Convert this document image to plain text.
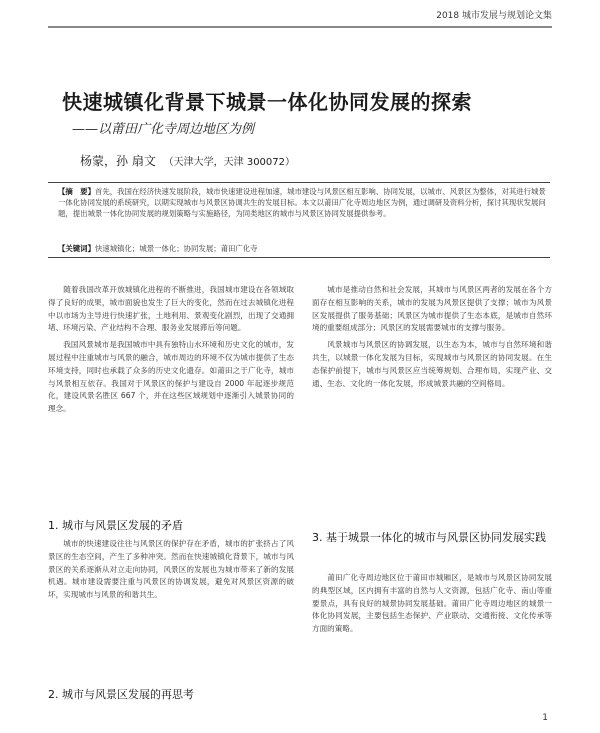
2018 城市发展与规划论文集
快速城镇化背景下城景一体化协同发展的探索
——以莆田广化寺周边地区为例
杨蒙，孙 扇文 （天津大学，天津 300072）
【摘　要】首先，我国在经济快速发展阶段，城市快速建设进程加速，城市建设与风景区相互影响、协同发展，以城市、风景区为整体，对其进行城景一体化协同发展的系统研究，以期实现城市与风景区协调共生的发展目标。本文以莆田广化寺周边地区为例，通过调研及资料分析，探讨其现状发展问题，提出城景一体化协同发展的规划策略与实施路径，为同类地区的城市与风景区协同发展提供参考。
【关键词】快速城镇化；城景一体化；协同发展；莆田广化寺

随着我国改革开放城镇化进程的不断推进，我国城市建设在各领域取得了良好的成果，城市面貌也发生了巨大的变化，然而在过去城镇化进程中以市场为主导进行快速扩张，土地利用、景观变化剧烈，出现了交通拥堵、环境污染、产业结构不合理、服务业发展滞后等问题。

我国风景城市是我国城市中具有独特山水环境和历史文化的城市，发展过程中注重城市与风景的融合，城市周边的环境不仅为城市提供了生态环境支持，同时也承载了众多的历史文化遗存。如莆田之于广化寺，城市与风景相互依存。我国对于风景区的保护与建设自 2000 年起逐步规范化，建设风景名胜区 667 个，并在这些区域规划中逐渐引入城景协同的理念。

1. 城市与风景区发展的矛盾

城市的快速建设往往与风景区的保护存在矛盾，城市的扩张挤占了风景区的生态空间，产生了多种冲突。然而在快速城镇化背景下，城市与风景区的关系逐渐从对立走向协同，风景区的发展也为城市带来了新的发展机遇。城市建设需要注重与风景区的协调发展，避免对风景区资源的破坏，实现城市与风景的和谐共生。

2. 城市与风景区发展的再思考

城市是推动自然和社会发展，其城市与风景区两者的发展在各个方面存在相互影响的关系，城市的发展为风景区提供了支撑；城市为风景区发展提供了服务基础；风景区为城市提供了生态本底，是城市自然环境的重要组成部分；风景区的发展需要城市的支撑与服务。

风景城市与风景区的协调发展，以生态为本，城市与自然环境和谐共生，以城景一体化发展为目标，实现城市与风景区的协同发展。在生态保护前提下，城市与风景区应当统筹规划、合理布局，实现产业、交通、生态、文化的一体化发展，形成城景共融的空间格局。

3. 基于城景一体化的城市与风景区协同发展实践

莆田广化寺周边地区位于莆田市城厢区，是城市与风景区协同发展的典型区域，区内拥有丰富的自然与人文资源，包括广化寺、南山等重要景点，具有良好的城景协同发展基础。莆田广化寺周边地区的城景一体化协同发展，主要包括生态保护、产业联动、交通衔接、文化传承等方面的策略。

1
